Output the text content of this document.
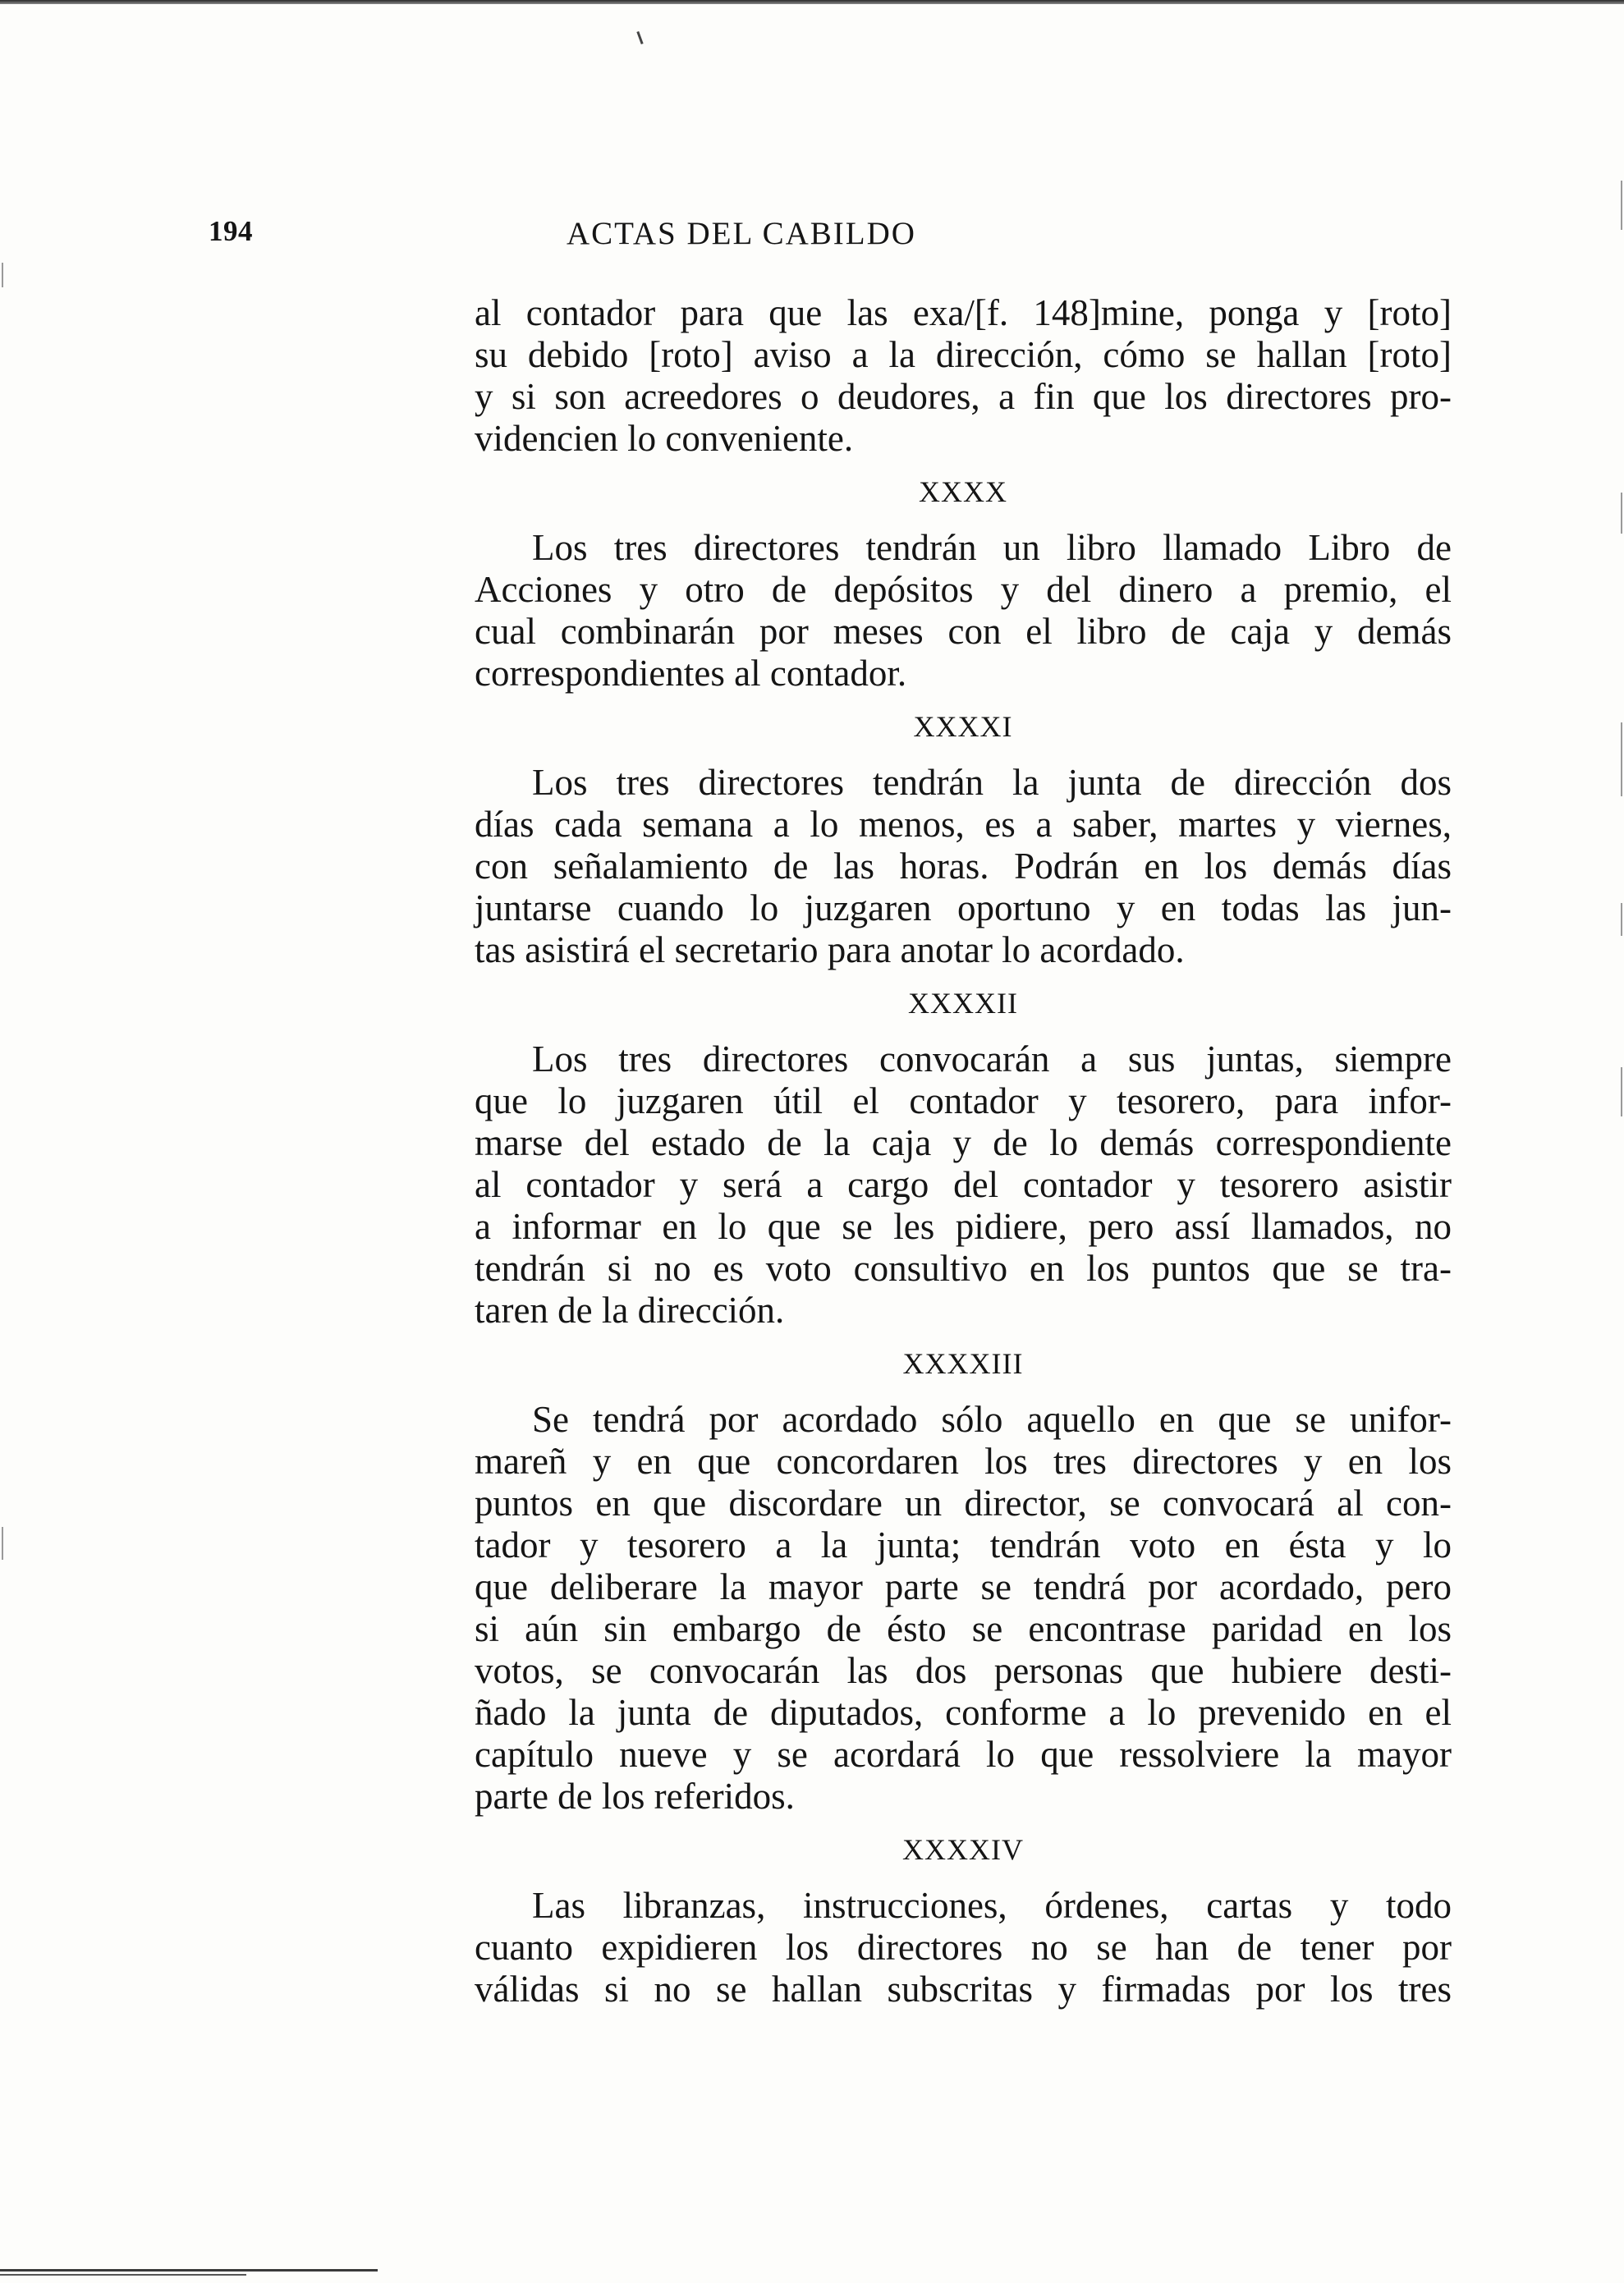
194	ACTAS DEL CABILDO
al contador para que las exa/[f. 148]mine, ponga y [roto]
su debido [roto] aviso a la dirección, cómo se hallan [roto]
y si son acreedores o deudores, a fin que los directores pro-
videncien lo conveniente.
XXXX
Los tres directores tendrán un libro llamado Libro de
Acciones y otro de depósitos y del dinero a premio, el
cual combinarán por meses con el libro de caja y demás
correspondientes al contador.
XXXXI
Los tres directores tendrán la junta de dirección dos
días cada semana a lo menos, es a saber, martes y viernes,
con señalamiento de las horas. Podrán en los demás días
juntarse cuando lo juzgaren oportuno y en todas las jun-
tas asistirá el secretario para anotar lo acordado.
XXXXII
Los tres directores convocarán a sus juntas, siempre
que lo juzgaren útil el contador y tesorero, para infor-
marse del estado de la caja y de lo demás correspondiente
al contador y será a cargo del contador y tesorero asistir
a informar en lo que se les pidiere, pero assí llamados, no
tendrán si no es voto consultivo en los puntos que se tra-
taren de la dirección.
XXXXIII
Se tendrá por acordado sólo aquello en que se unifor-
mareñ y en que concordaren los tres directores y en los
puntos en que discordare un director, se convocará al con-
tador y tesorero a la junta; tendrán voto en ésta y lo
que deliberare la mayor parte se tendrá por acordado, pero
si aún sin embargo de ésto se encontrase paridad en los
votos, se convocarán las dos personas que hubiere desti-
ñado la junta de diputados, conforme a lo prevenido en el
capítulo nueve y se acordará lo que ressolviere la mayor
parte de los referidos.
XXXXIV
Las libranzas, instrucciones, órdenes, cartas y todo
cuanto expidieren los directores no se han de tener por
válidas si no se hallan subscritas y firmadas por los tres
